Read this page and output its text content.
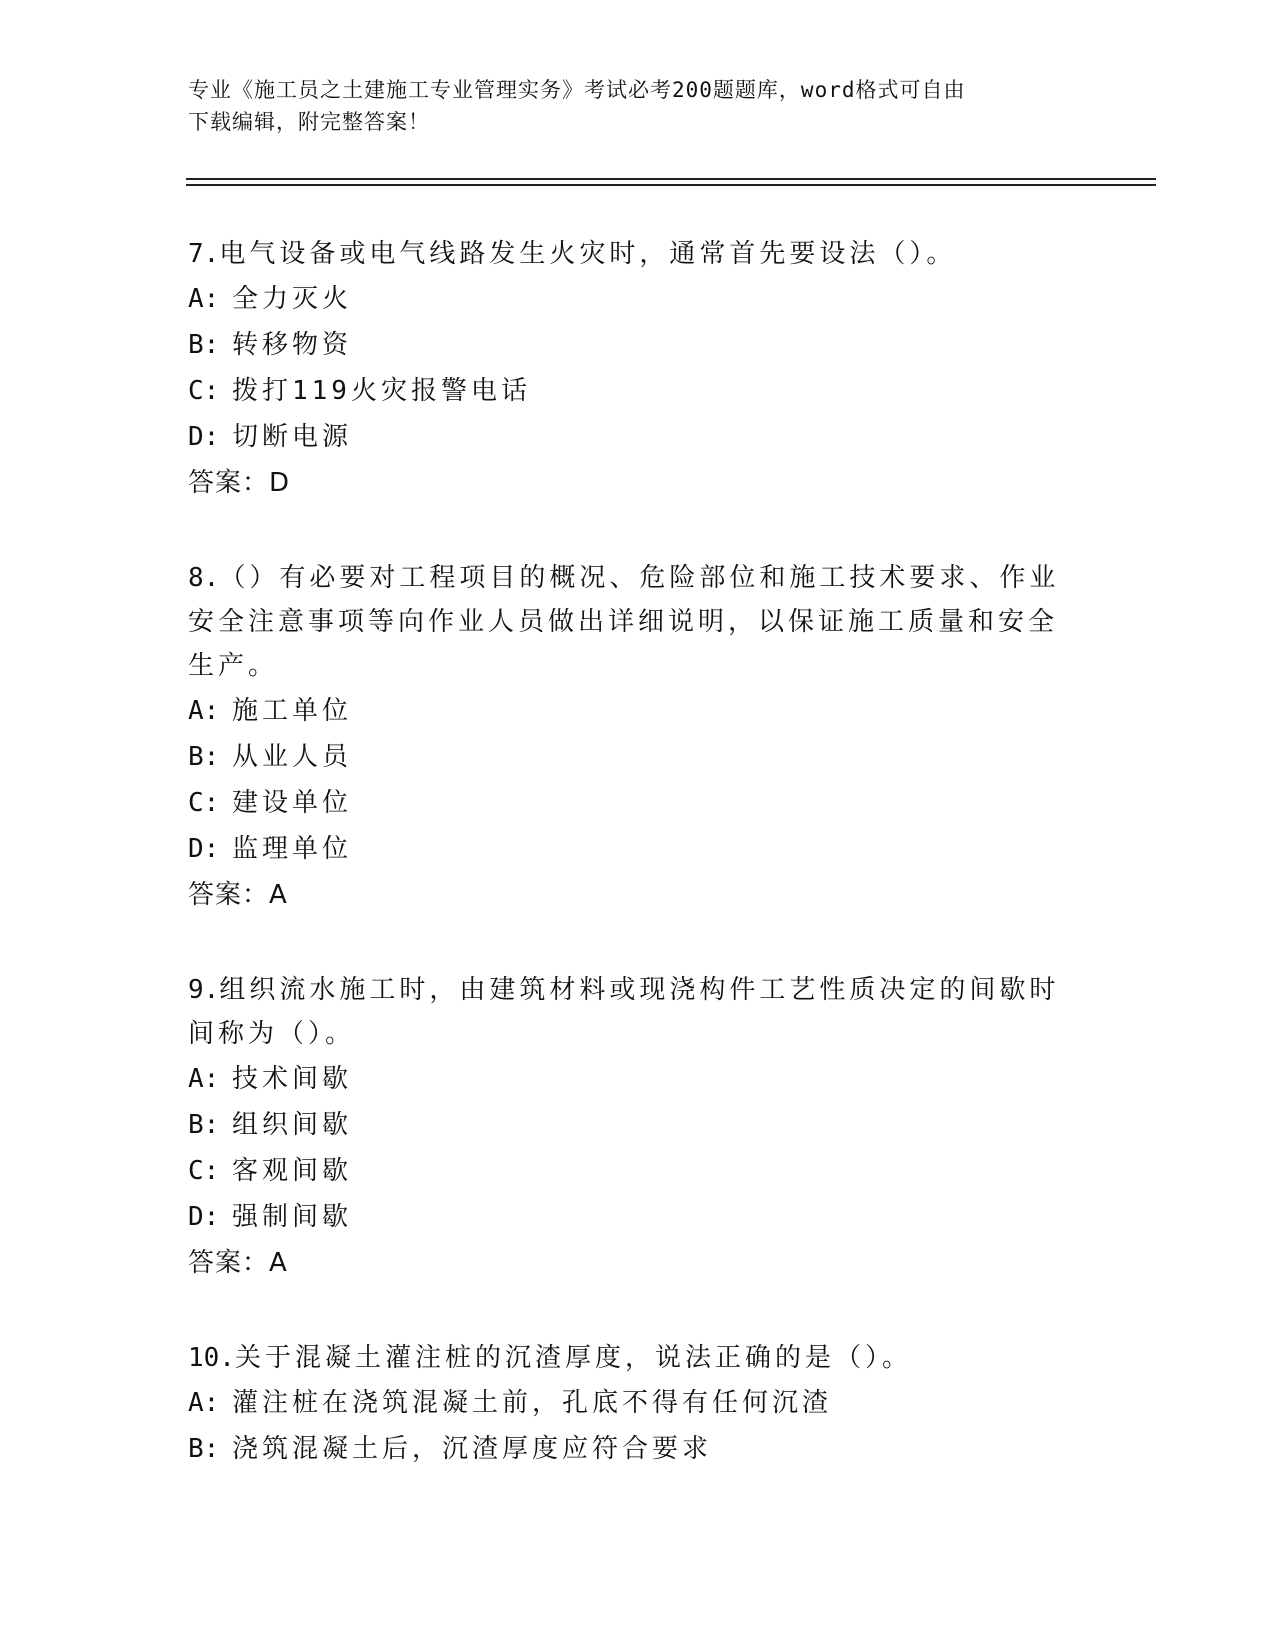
专业《施工员之土建施工专业管理实务》考试必考200题题库，word格式可自由
下载编辑，附完整答案！
7.电气设备或电气线路发生火灾时，通常首先要设法（）。
A: 全力灭火
B: 转移物资
C: 拨打119火灾报警电话
D: 切断电源
答案：D
8.（）有必要对工程项目的概况、危险部位和施工技术要求、作业安全注意事项等向作业人员做出详细说明，以保证施工质量和安全生产。
A: 施工单位
B: 从业人员
C: 建设单位
D: 监理单位
答案：A
9.组织流水施工时，由建筑材料或现浇构件工艺性质决定的间歇时间称为（）。
A: 技术间歇
B: 组织间歇
C: 客观间歇
D: 强制间歇
答案：A
10.关于混凝土灌注桩的沉渣厚度，说法正确的是（）。
A: 灌注桩在浇筑混凝土前，孔底不得有任何沉渣
B: 浇筑混凝土后，沉渣厚度应符合要求
